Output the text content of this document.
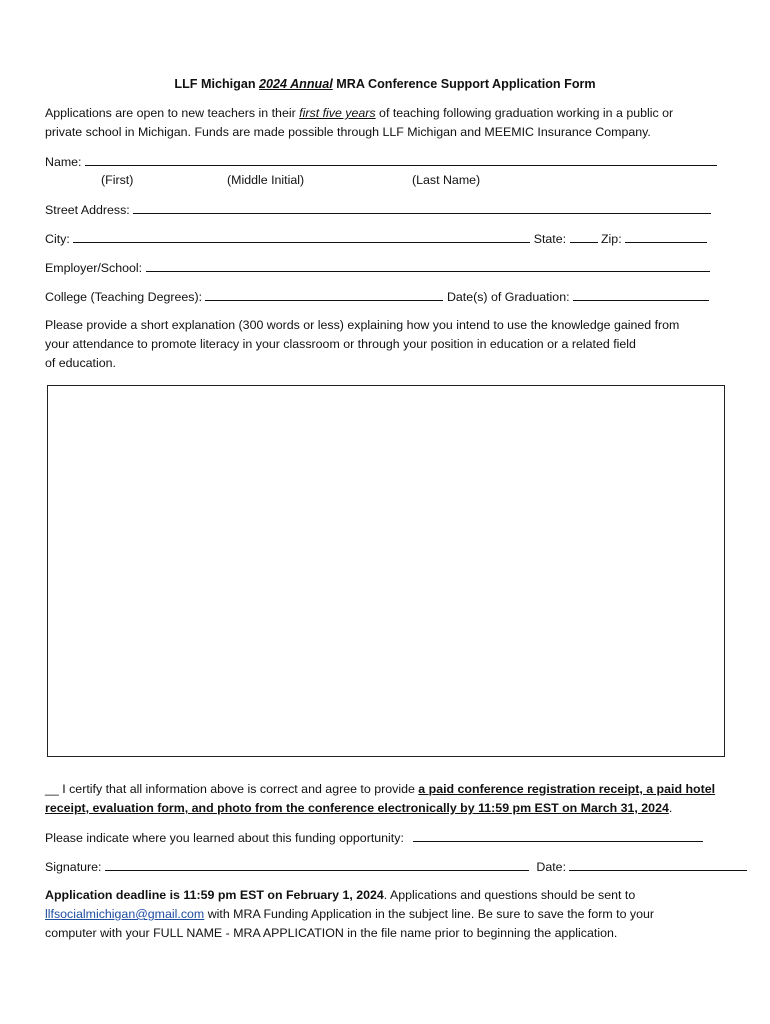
LLF Michigan 2024 Annual MRA Conference Support Application Form
Applications are open to new teachers in their first five years of teaching following graduation working in a public or
private school in Michigan. Funds are made possible through LLF Michigan and MEEMIC Insurance Company.
Name:
(First)	(Middle Initial)	(Last Name)
Street Address:
City:	State:	Zip:
Employer/School:
College (Teaching Degrees):	Date(s) of Graduation:
Please provide a short explanation (300 words or less) explaining how you intend to use the knowledge gained from
your attendance to promote literacy in your classroom or through your position in education or a related field
of education.
__ I certify that all information above is correct and agree to provide a paid conference registration receipt, a paid hotel
receipt, evaluation form, and photo from the conference electronically by 11:59 pm EST on March 31, 2024.
Please indicate where you learned about this funding opportunity:
Signature:	Date:
Application deadline is 11:59 pm EST on February 1, 2024. Applications and questions should be sent to
llfsocialmichigan@gmail.com with MRA Funding Application in the subject line. Be sure to save the form to your
computer with your FULL NAME - MRA APPLICATION in the file name prior to beginning the application.
